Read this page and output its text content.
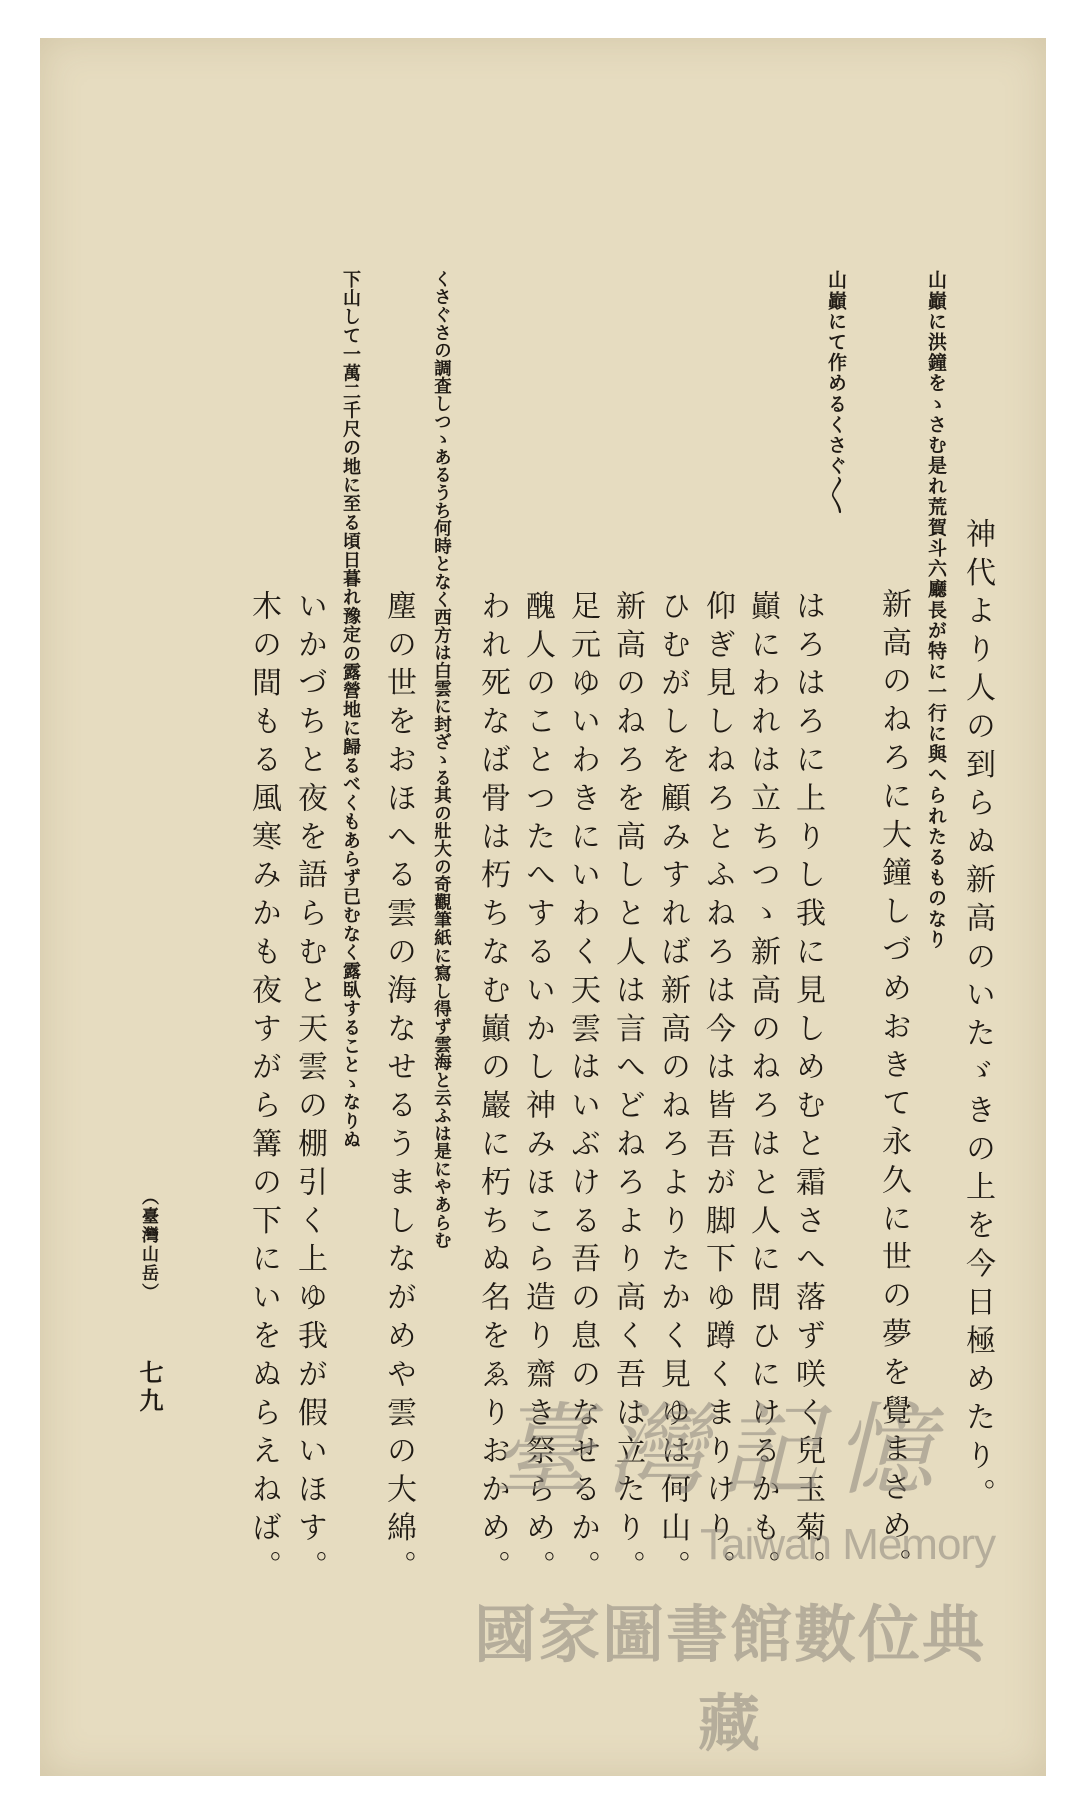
神代より人の到らぬ新高のいたゞきの上を今日極めたり。

新高のねろに大鐘しづめおきて永久に世の夢を覺まさめ。 山巓に洪鐘をゝさむ是れ荒賀斗六廳長が特に一行に與へられたるものなり

山巓にて作めるくさぐ〳〵

はろはろに上りし我に見しめむと霜さへ落ず咲く兒玉菊。

巓にわれは立ちつゝ新高のねろはと人に問ひにけるかも。

仰ぎ見しねろとふねろは今は皆吾が脚下ゆ蹲くまりけり。

ひむがしを顧みすれば新高のねろよりたかく見ゆは何山。

新高のねろを高しと人は言へどねろより高く吾は立たり。

足元ゆいわきにいわく天雲はいぶける吾の息のなせるか。

醜人のことつたへするいかし神みほこら造り齋き祭らめ。

われ死なば骨は朽ちなむ巓の巖に朽ちぬ名をゑりおかめ。

くさぐさの調査しつゝあるうち何時となく西方は白雲に封ざゝる其の壯大の奇觀筆紙に寫し得ず雲海と云ふは是にやあらむ

塵の世をおほへる雲の海なせるうましながめや雲の大綿。

下山して一萬二千尺の地に至る頃日暮れ豫定の露營地に歸るべくもあらず已むなく露臥することゝなりぬ

いかづちと夜を語らむと天雲の棚引く上ゆ我が假いほす。

木の間もる風寒みかも夜すがら篝の下にいをぬらえねば。

（臺灣山岳）

七九

臺灣記憶
Taiwan Memory
國家圖書館數位典藏
